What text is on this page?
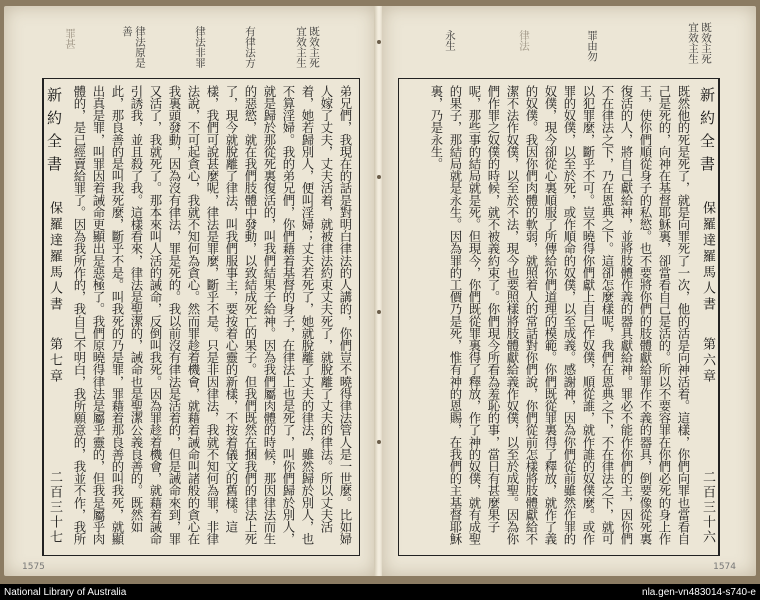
既效主死宜效主生
有律法方
律法非罪
律法原是善
罪甚
新約全書
保羅達羅馬人書
第七章
二百三十七
弟兄們，我現在的話是對明白律法的人講的，你們豈不曉得律法管人是一世麼。比如婦人嫁了丈夫，丈夫活着，就被律法約束丈夫死了，就脫離了丈夫的律法。所以丈夫活着，她若歸別人，便叫淫婦；丈夫若死了，她就脫離了丈夫的律法，雖然歸於別人，也不算淫婦。我的弟兄們，你們藉着基督的身子，在律法上也是死了，叫你們歸於別人，就是歸於那從死裏復活的，叫我們結果子給神。因為我們屬肉體的時候，那因律法而生的惡慾，就在我們肢體中發動，以致結成死亡的果子。但我們既然在捆我們的律法上死了，現今就脫離了律法，叫我們服事主，要按着心靈的新樣，不按着儀文的舊樣。這樣，我們可說甚麼呢，律法是罪麼，斷乎不是。只是非因律法，我就不知何為罪，非律法說，不可起貪心，我就不知何為貪心。然而罪趁着機會，就藉着誡命叫諸般的貪心在我裏頭發動，因為沒有律法，罪是死的。我以前沒有律法是活着的，但是誡命來到，罪又活了，我就死了。那本來叫人活的誡命，反倒叫我死。因為罪趁着機會，就藉着誡命引誘我，並且殺了我。這樣看來，律法是聖潔的，誡命也是聖潔公義良善的。既然如此，那良善的是叫我死麼，斷乎不是。叫我死的乃是罪，罪藉着那良善的叫我死，就顯出真是罪，叫罪因着誡命更顯出是惡極了。我們原曉得律法是屬乎靈的，但我是屬乎肉體的，是已經賣給罪了。因為我所作的，我自己不明白，我所願意的，我並不作，我所
1575
既效主死宜效主生
罪由勿
律法
永生
新約全書
保羅達羅馬人書
第六章
二百三十六
既然他的死是死了，就是向罪死了一次，他的活是向神活着。這樣，你們向罪也當看自己是死的，向神在基督耶穌裏，卻當看自己是活的。所以不要容罪在你們必死的身上作王，使你們順從身子的私慾。也不要將你們的肢體獻給罪作不義的器具，倒要像從死裏復活的人，將自己獻給神，並將肢體作義的器具獻給神。罪必不能作你們的主，因你們不在律法之下，乃在恩典之下。這卻怎麼樣呢，我們在恩典之下，不在律法之下，就可以犯罪麼，斷乎不可。豈不曉得你們獻上自己作奴僕，順從誰，就作誰的奴僕麼。或作罪的奴僕，以至於死，或作順命的奴僕，以至成義。感謝神，因為你們從前雖然作罪的奴僕，現今卻從心裏順服了所傳給你們道理的模範。你們既從罪裏得了釋放，就作了義的奴僕。我因你們肉體的軟弱，就照着人的常話對你們說，你們從前怎樣將肢體獻給不潔不法作奴僕，以至於不法，現今也要照樣將肢體獻給義作奴僕，以至於成聖。因為你們作罪之奴僕的時候，就不被義約束了。你們現今所看為羞恥的事，當日有甚麼果子呢，那些事的結局就是死。但現今，你們既從罪裏得了釋放，作了神的奴僕，就有成聖的果子，那結局就是永生。因為罪的工價乃是死，惟有神的恩賜，在我們的主基督耶穌裏，乃是永生。
1574
National Library of Australia	nla.gen-vn483014-s740-e
